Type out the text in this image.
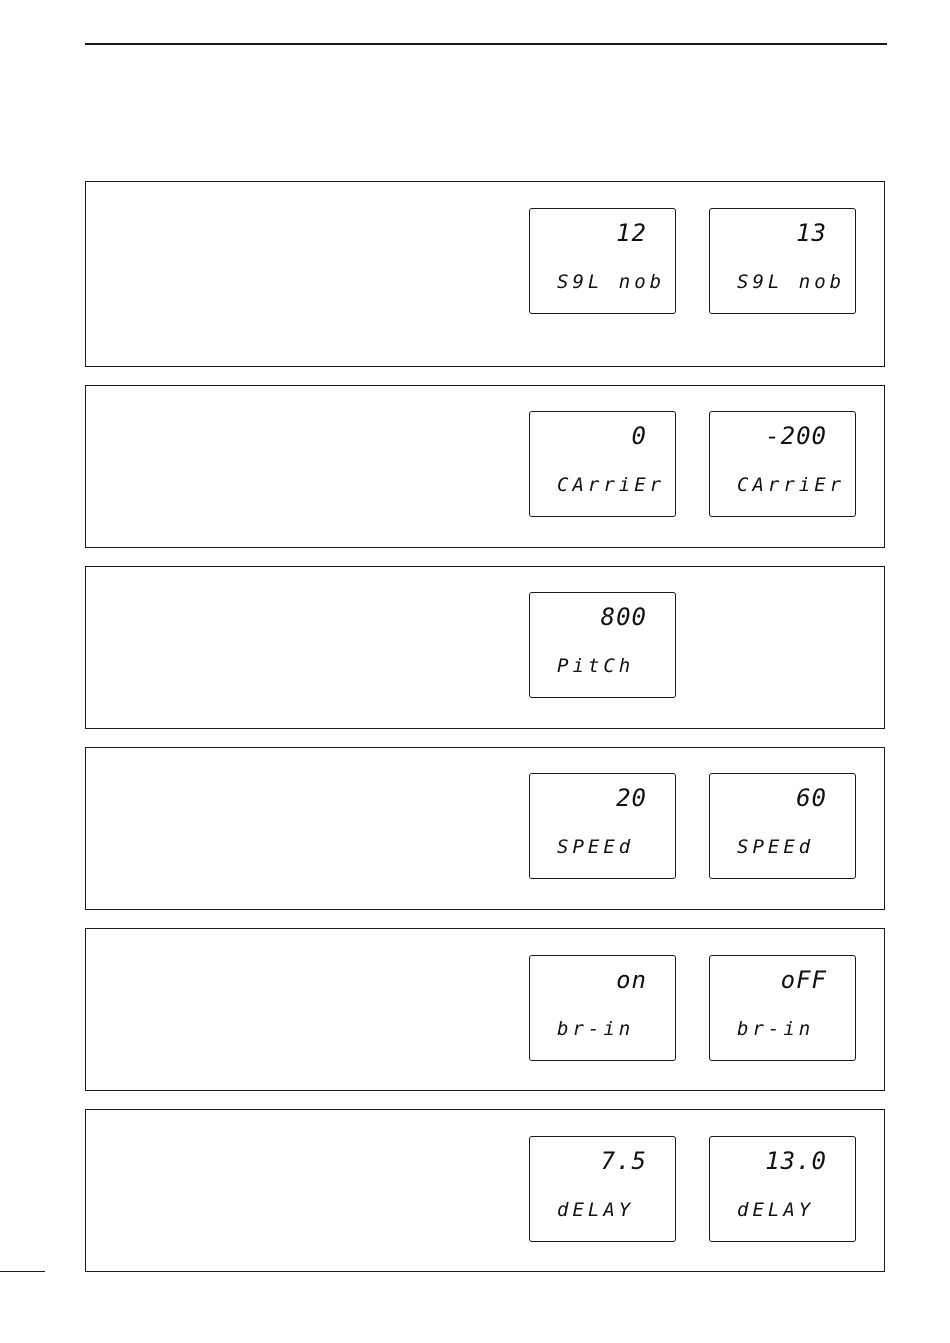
12
S9L nob
13
S9L nob
0
CArriEr
-200
CArriEr
800
PitCh
20
SPEEd
60
SPEEd
on
br-in
oFF
br-in
7.5
dELAY
13.0
dELAY
